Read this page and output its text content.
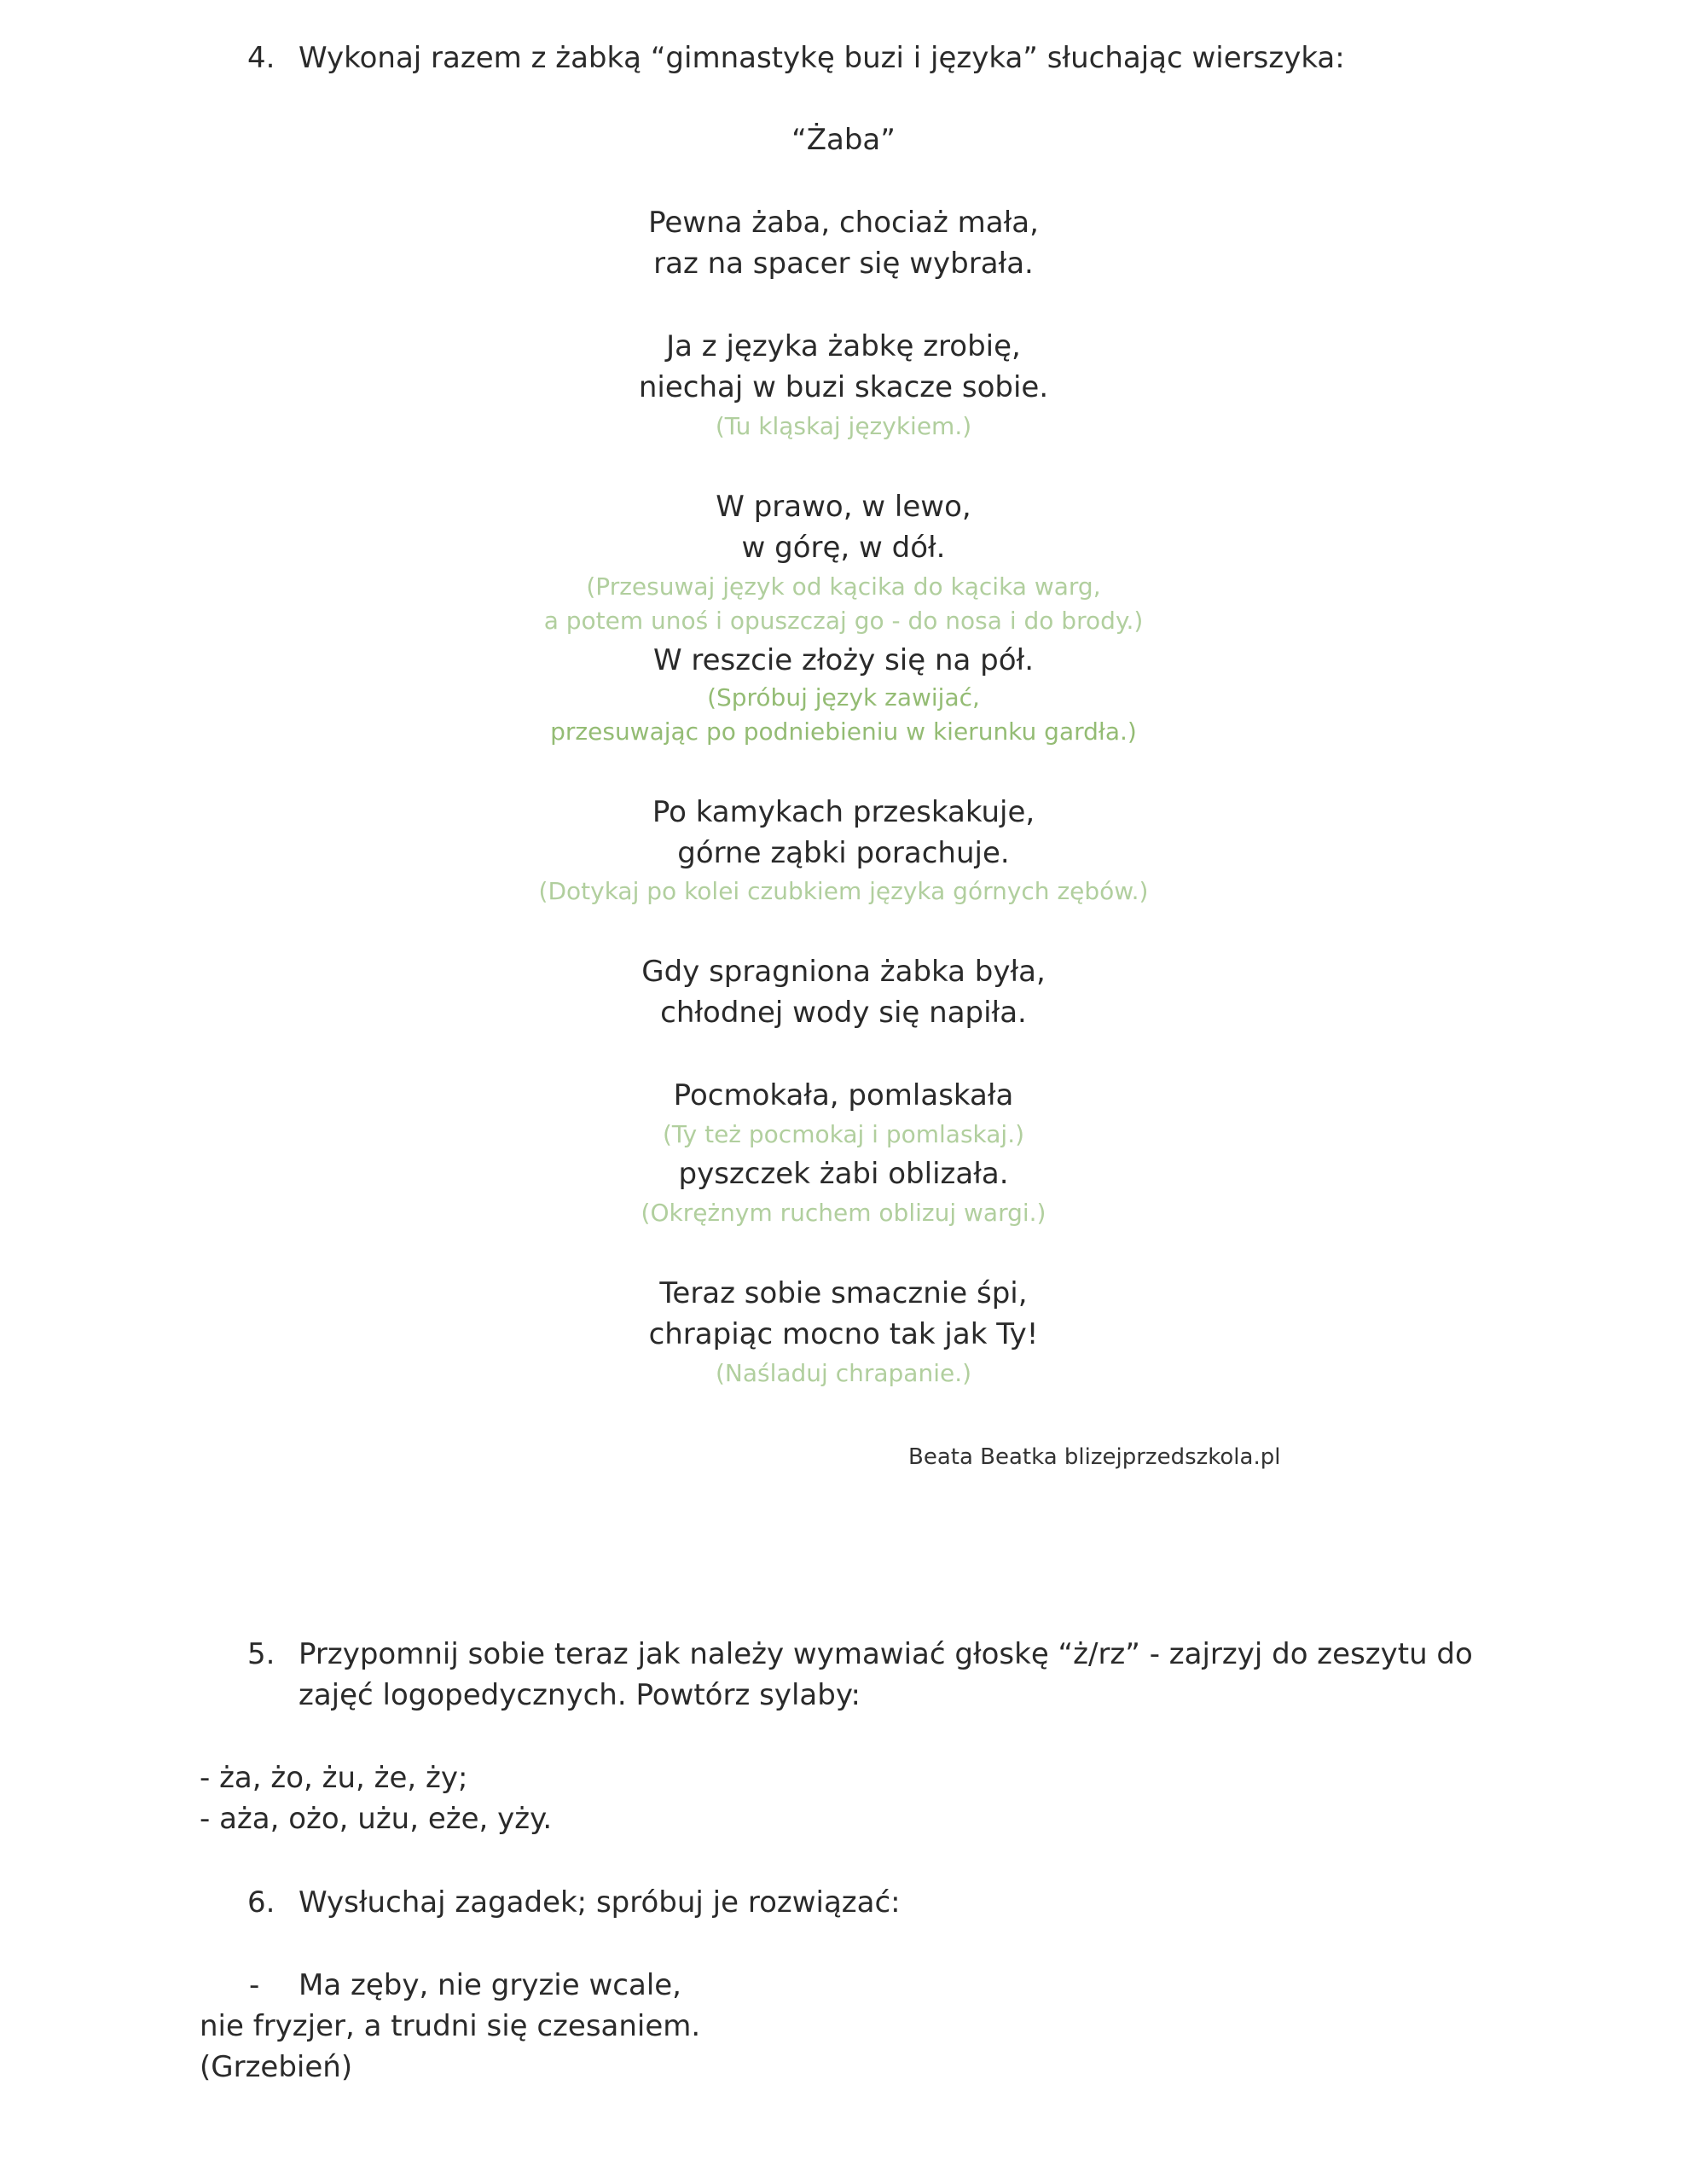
4. Wykonaj razem z żabką “gimnastykę buzi i języka” słuchając wierszyka:
“Żaba”
Pewna żaba, chociaż mała,
raz na spacer się wybrała.
Ja z języka żabkę zrobię,
niechaj w buzi skacze sobie.
(Tu kląskaj językiem.)
W prawo, w lewo,
w górę, w dół.
(Przesuwaj język od kącika do kącika warg,
a potem unoś i opuszczaj go - do nosa i do brody.)
W reszcie złoży się na pół.
(Spróbuj język zawijać,
przesuwając po podniebieniu w kierunku gardła.)
Po kamykach przeskakuje,
górne ząbki porachuje.
(Dotykaj po kolei czubkiem języka górnych zębów.)
Gdy spragniona żabka była,
chłodnej wody się napiła.
Pocmokała, pomlaskała
(Ty też pocmokaj i pomlaskaj.)
pyszczek żabi oblizała.
(Okrężnym ruchem oblizuj wargi.)
Teraz sobie smacznie śpi,
chrapiąc mocno tak jak Ty!
(Naśladuj chrapanie.)
Beata Beatka blizejprzedszkola.pl
5. Przypomnij sobie teraz jak należy wymawiać głoskę “ż/rz” - zajrzyj do zeszytu do
zajęć logopedycznych. Powtórz sylaby:
- ża, żo, żu, że, ży;
- aża, ożo, użu, eże, yży.
6. Wysłuchaj zagadek; spróbuj je rozwiązać:
- Ma zęby, nie gryzie wcale,
nie fryzjer, a trudni się czesaniem.
(Grzebień)
